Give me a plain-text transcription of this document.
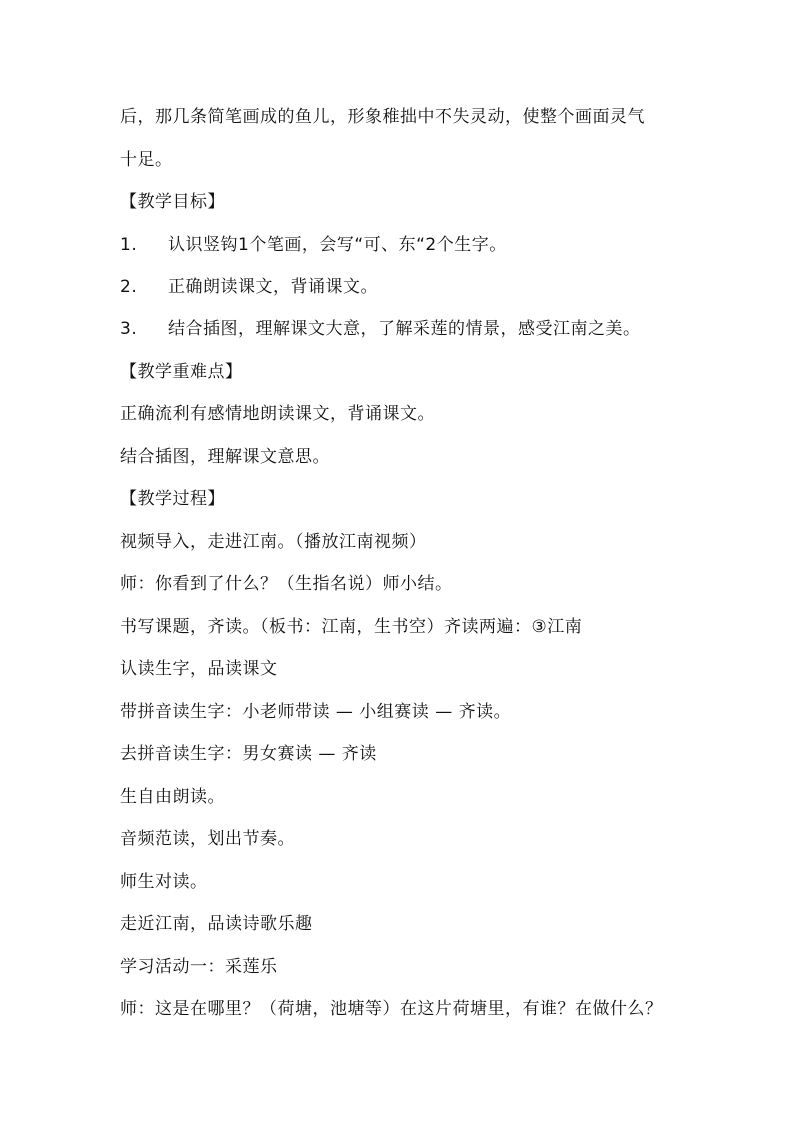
后，那几条简笔画成的鱼儿，形象稚拙中不失灵动，使整个画面灵气
十足。
【教学目标】
1. 认识竖钩1个笔画，会写“可、东“2个生字。
2. 正确朗读课文，背诵课文。
3. 结合插图，理解课文大意，了解采莲的情景，感受江南之美。
【教学重难点】
正确流利有感情地朗读课文，背诵课文。
结合插图，理解课文意思。
【教学过程】
视频导入，走进江南。（播放江南视频）
师：你看到了什么？（生指名说）师小结。
书写课题，齐读。（板书：江南，生书空）齐读两遍：③江南
认读生字，品读课文
带拼音读生字：小老师带读 — 小组赛读 — 齐读。
去拼音读生字：男女赛读 — 齐读
生自由朗读。
音频范读，划出节奏。
师生对读。
走近江南，品读诗歌乐趣
学习活动一：采莲乐
师：这是在哪里？（荷塘，池塘等）在这片荷塘里，有谁？在做什么？
